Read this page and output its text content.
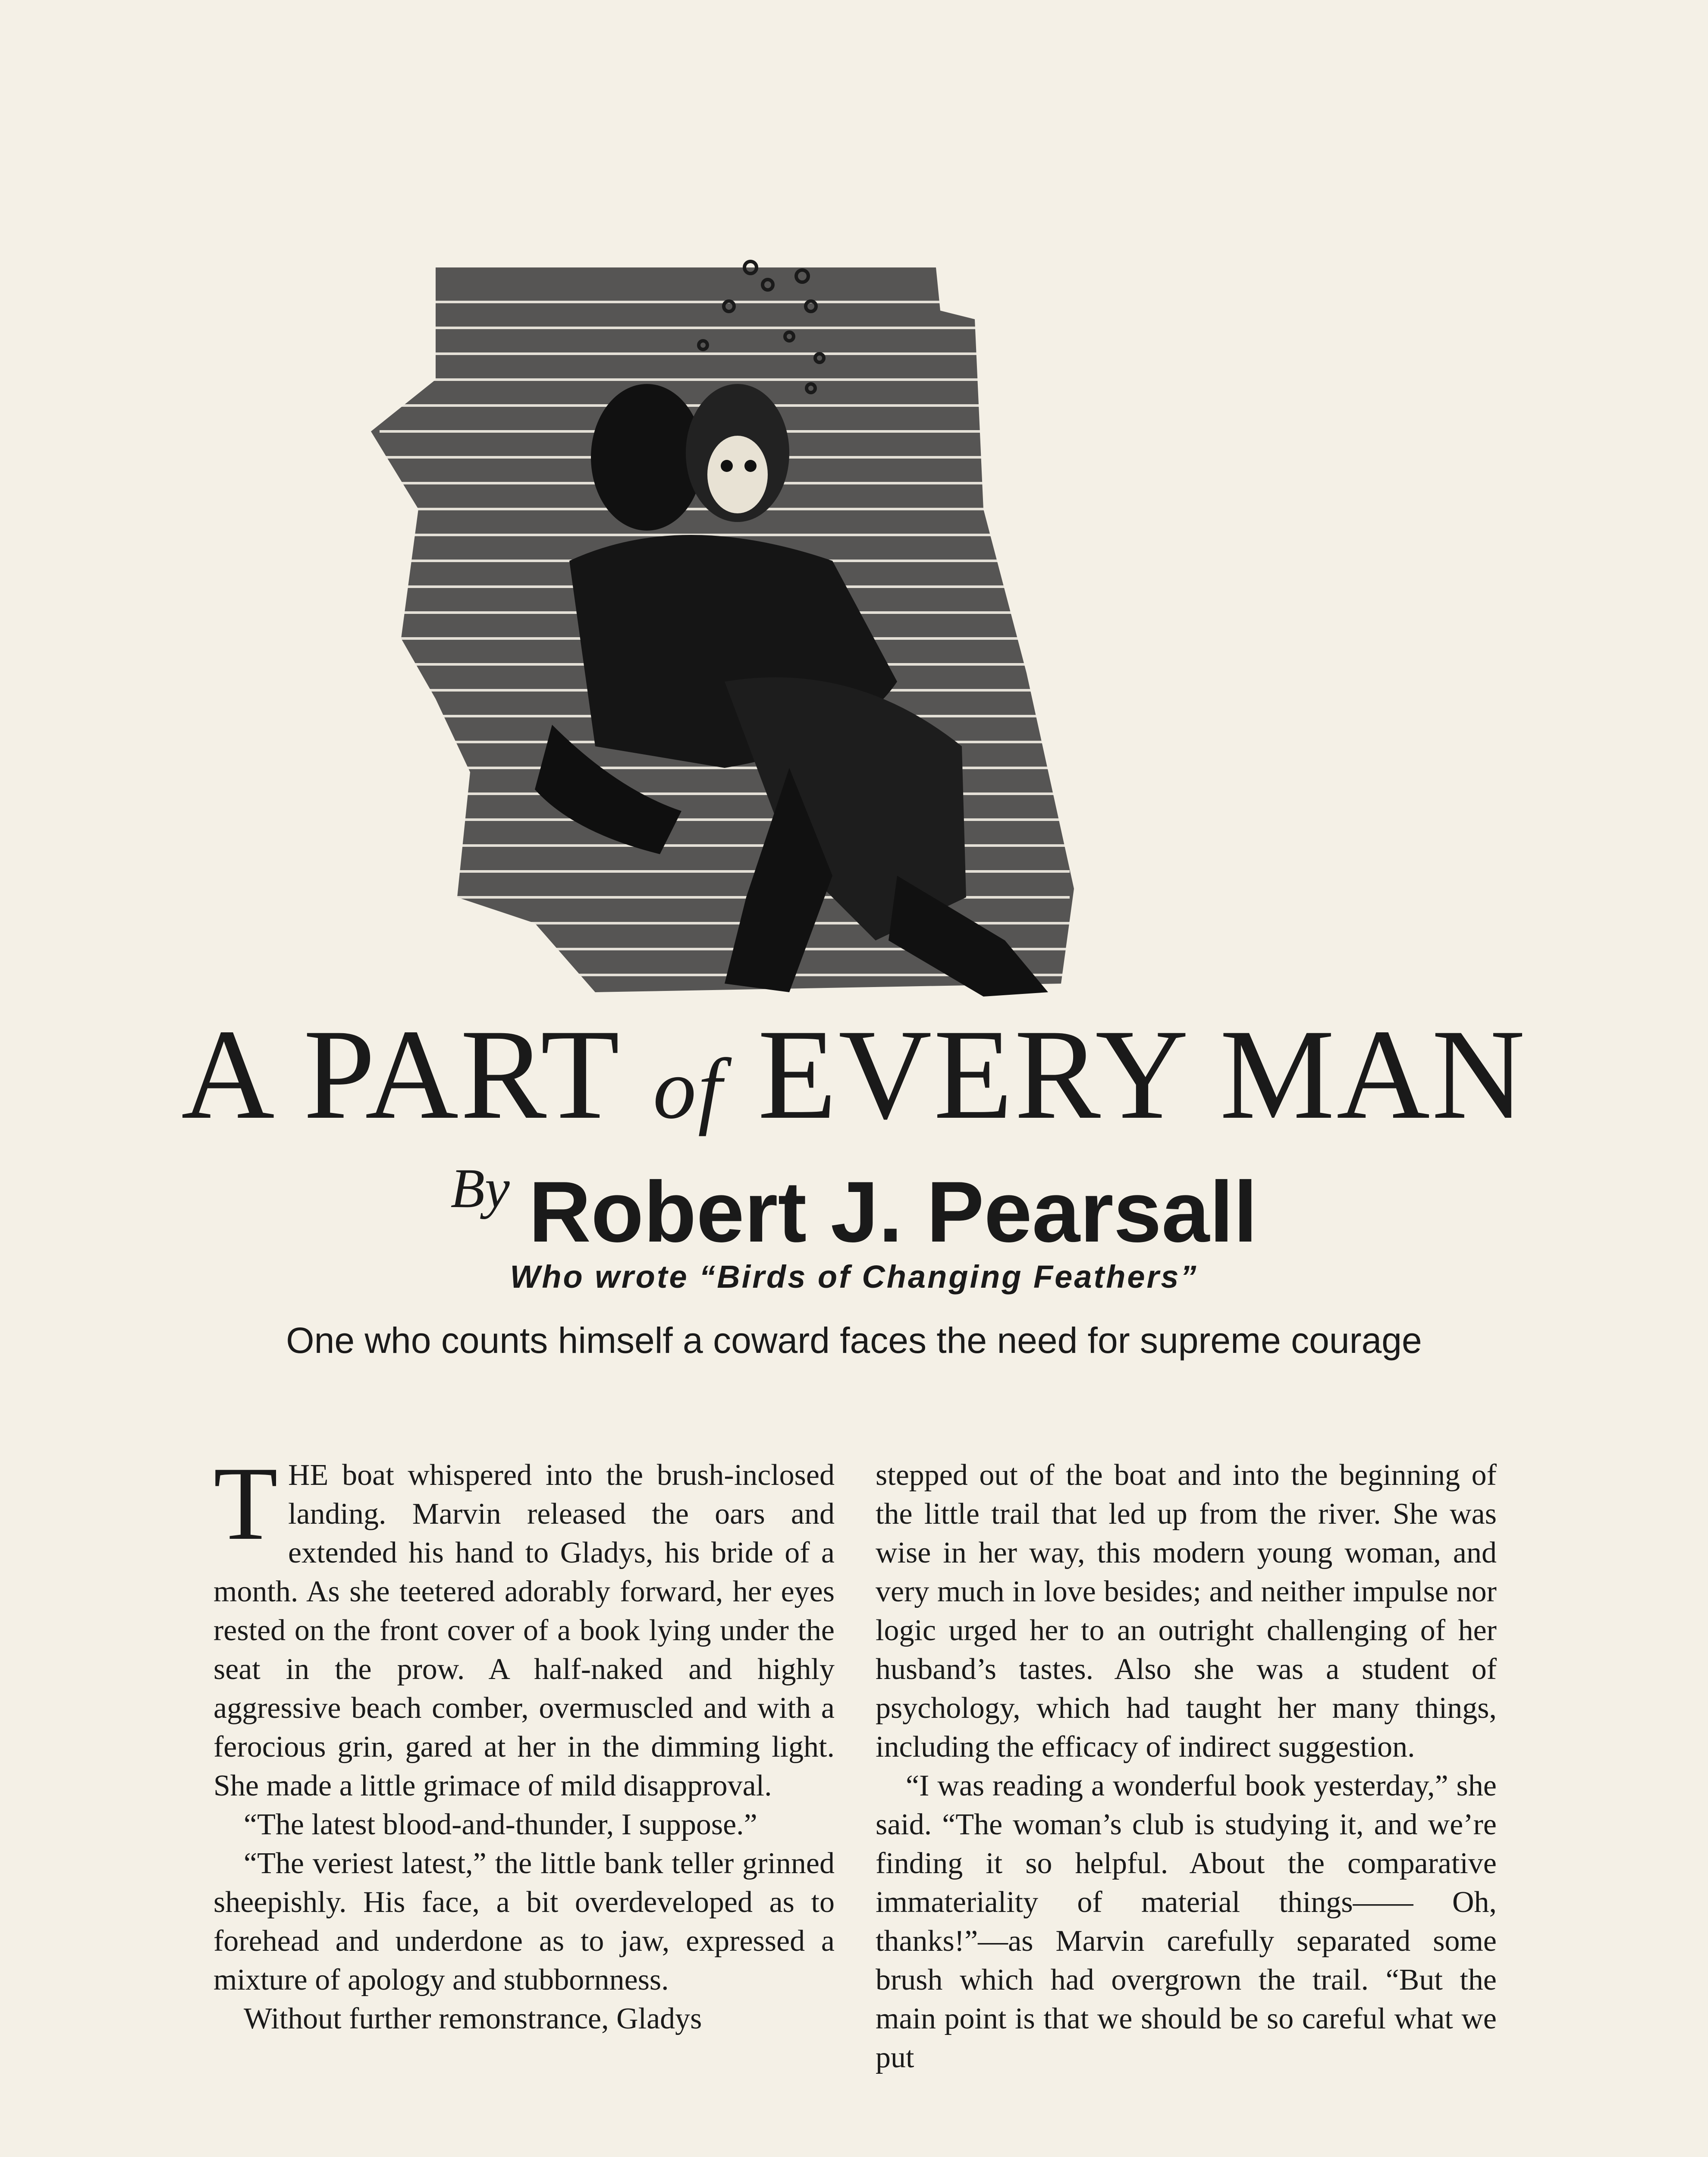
A PART of EVERY MAN
By Robert J. Pearsall
Who wrote “Birds of Changing Feathers”
One who counts himself a coward faces the need for supreme courage

THE boat whispered into the brush-inclosed landing. Marvin released the oars and extended his hand to Gladys, his bride of a month. As she teetered adorably forward, her eyes rested on the front cover of a book lying under the seat in the prow. A half-naked and highly aggressive beach comber, overmuscled and with a ferocious grin, gared at her in the dimming light. She made a little grimace of mild disapproval.

“The latest blood-and-thunder, I suppose.”

“The veriest latest,” the little bank teller grinned sheepishly. His face, a bit overdeveloped as to forehead and underdone as to jaw, expressed a mixture of apology and stubbornness.

Without further remonstrance, Gladys

stepped out of the boat and into the beginning of the little trail that led up from the river. She was wise in her way, this modern young woman, and very much in love besides; and neither impulse nor logic urged her to an outright challenging of her husband’s tastes. Also she was a student of psychology, which had taught her many things, including the efficacy of indirect suggestion.

“I was reading a wonderful book yesterday,” she said. “The woman’s club is studying it, and we’re finding it so helpful. About the comparative immateriality of material things—— Oh, thanks!”—as Marvin carefully separated some brush which had overgrown the trail. “But the main point is that we should be so careful what we put
